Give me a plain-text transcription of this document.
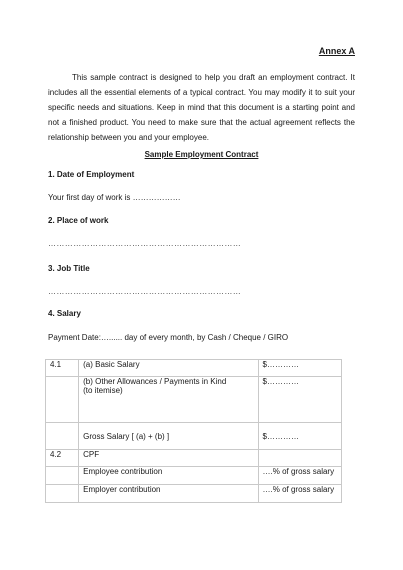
Annex A

This sample contract is designed to help you draft an employment contract. It includes all the essential elements of a typical contract. You may modify it to suit your specific needs and situations. Keep in mind that this document is a starting point and not a finished product. You need to make sure that the actual agreement reflects the relationship between you and your employee.

Sample Employment Contract
1. Date of Employment
Your first day of work is ………………
2. Place of work
……………………………………………………………
3. Job Title
……………………………………………………………
4. Salary
Payment Date:…...... day of every month, by Cash / Cheque / GIRO
4.1	(a) Basic Salary	$…………

	(b) Other Allowances / Payments in Kind
(to itemise)	$…………
	Gross Salary [ (a) + (b) ]	$…………
4.2	CPF	
	Employee contribution	….% of gross salary
	Employer contribution	….% of gross salary
